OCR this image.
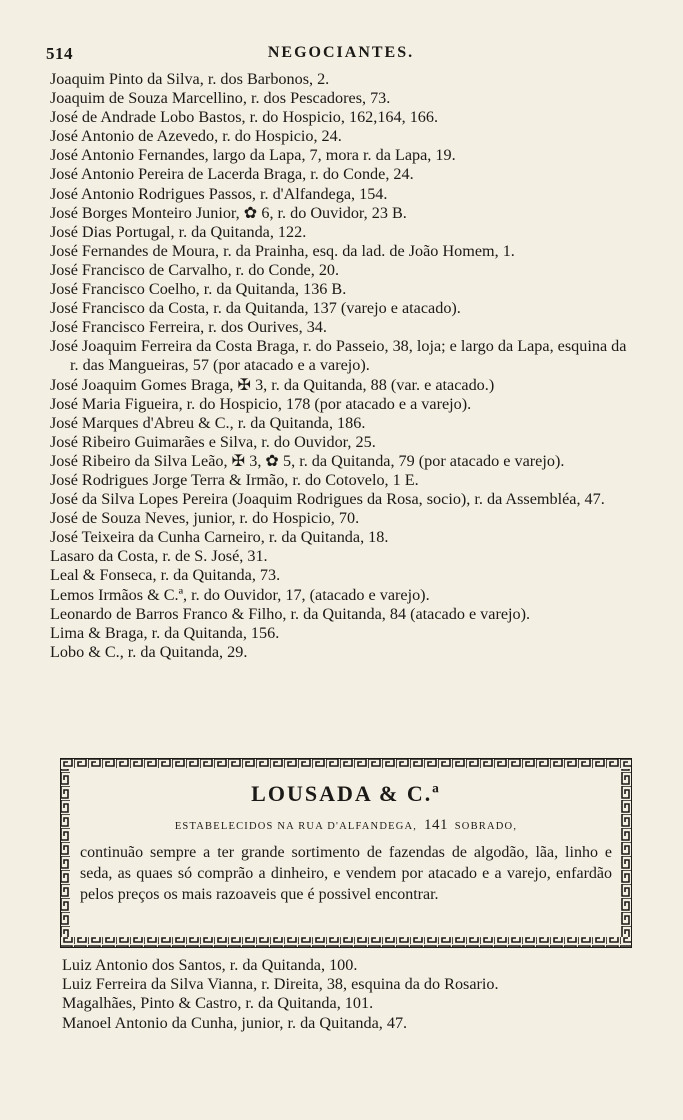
514	NEGOCIANTES.
Joaquim Pinto da Silva, r. dos Barbonos, 2.
Joaquim de Souza Marcellino, r. dos Pescadores, 73.
José de Andrade Lobo Bastos, r. do Hospicio, 162,164, 166.
José Antonio de Azevedo, r. do Hospicio, 24.
José Antonio Fernandes, largo da Lapa, 7, mora r. da Lapa, 19.
José Antonio Pereira de Lacerda Braga, r. do Conde, 24.
José Antonio Rodrigues Passos, r. d'Alfandega, 154.
José Borges Monteiro Junior, ✿ 6, r. do Ouvidor, 23 B.
José Dias Portugal, r. da Quitanda, 122.
José Fernandes de Moura, r. da Prainha, esq. da lad. de João Homem, 1.
José Francisco de Carvalho, r. do Conde, 20.
José Francisco Coelho, r. da Quitanda, 136 B.
José Francisco da Costa, r. da Quitanda, 137 (varejo e atacado).
José Francisco Ferreira, r. dos Ourives, 34.
José Joaquim Ferreira da Costa Braga, r. do Passeio, 38, loja; e largo da Lapa, esquina da r. das Mangueiras, 57 (por atacado e a varejo).
José Joaquim Gomes Braga, ✠ 3, r. da Quitanda, 88 (var. e atacado.)
José Maria Figueira, r. do Hospicio, 178 (por atacado e a varejo).
José Marques d'Abreu & C., r. da Quitanda, 186.
José Ribeiro Guimarães e Silva, r. do Ouvidor, 25.
José Ribeiro da Silva Leão, ✠ 3, ✿ 5, r. da Quitanda, 79 (por atacado e varejo).
José Rodrigues Jorge Terra & Irmão, r. do Cotovelo, 1 E.
José da Silva Lopes Pereira (Joaquim Rodrigues da Rosa, socio), r. da Assembléa, 47.
José de Souza Neves, junior, r. do Hospicio, 70.
José Teixeira da Cunha Carneiro, r. da Quitanda, 18.
Lasaro da Costa, r. de S. José, 31.
Leal & Fonseca, r. da Quitanda, 73.
Lemos Irmãos & C.ª, r. do Ouvidor, 17, (atacado e varejo).
Leonardo de Barros Franco & Filho, r. da Quitanda, 84 (atacado e varejo).
Lima & Braga, r. da Quitanda, 156.
Lobo & C., r. da Quitanda, 29.
LOUSADA & C.ª
ESTABELECIDOS NA RUA D'ALFANDEGA, 141 SOBRADO,
continuão sempre a ter grande sortimento de fazendas de algodão, lãa, linho e seda, as quaes só comprão a dinheiro, e vendem por atacado e a varejo, enfardão pelos preços os mais razoaveis que é possivel encontrar.
Luiz Antonio dos Santos, r. da Quitanda, 100.
Luiz Ferreira da Silva Vianna, r. Direita, 38, esquina da do Rosario.
Magalhães, Pinto & Castro, r. da Quitanda, 101.
Manoel Antonio da Cunha, junior, r. da Quitanda, 47.
